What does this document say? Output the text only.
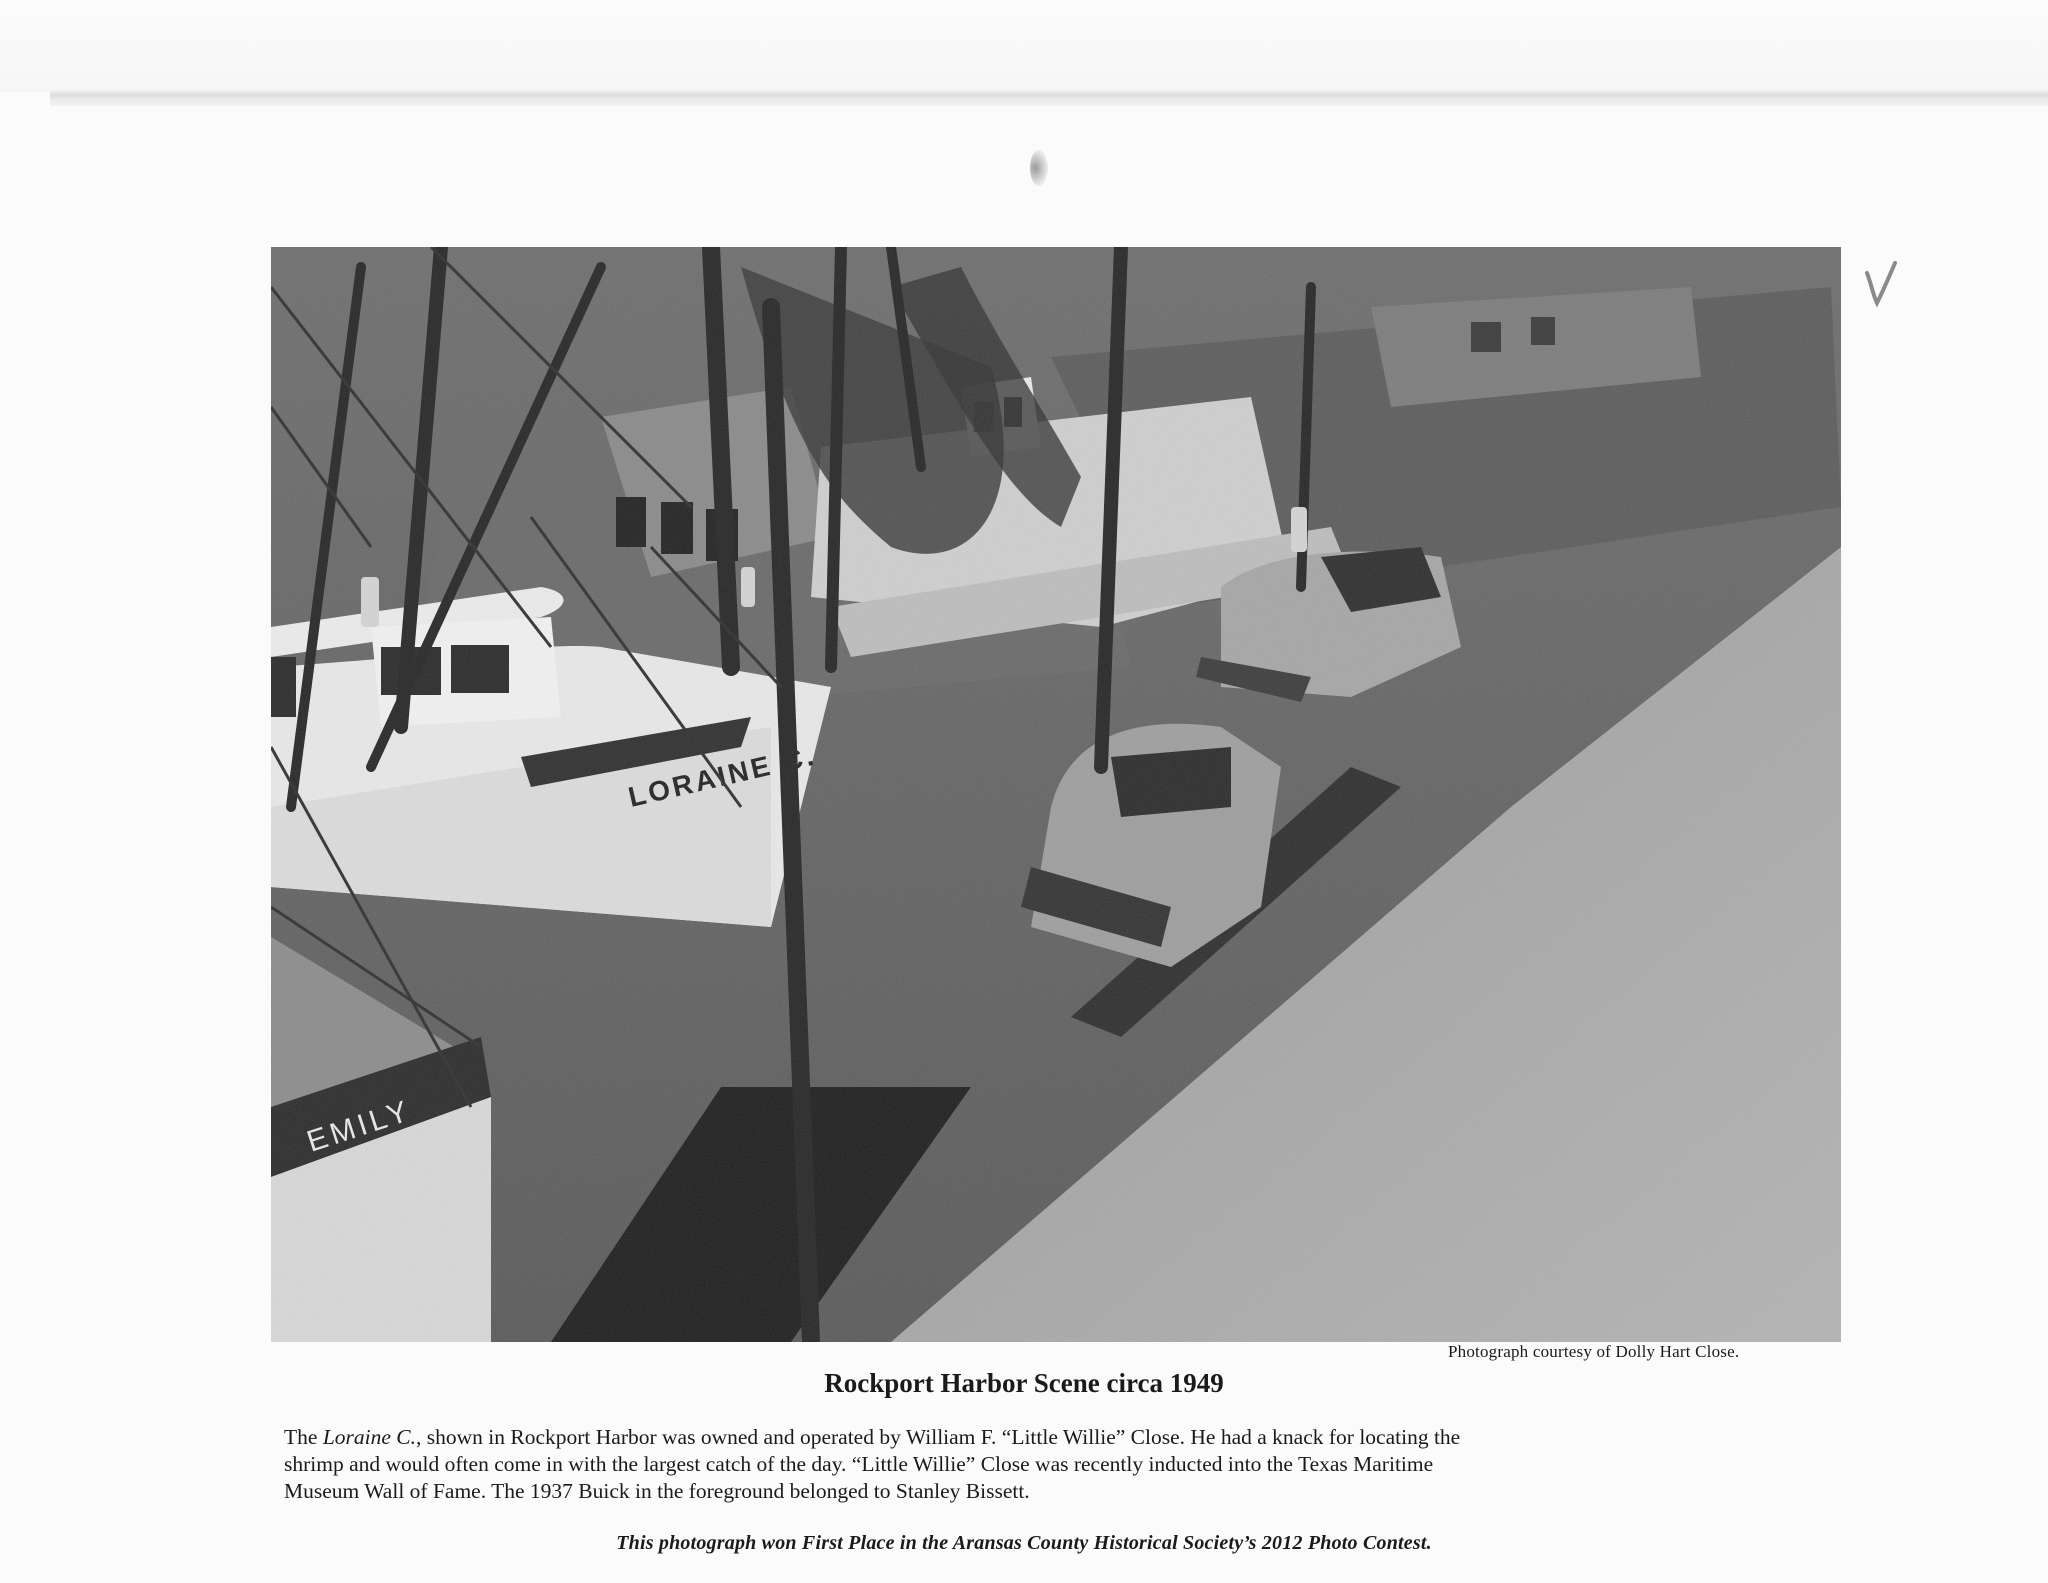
Photograph courtesy of Dolly Hart Close.
Rockport Harbor Scene circa 1949
The Loraine C., shown in Rockport Harbor was owned and operated by William F. “Little Willie” Close. He had a knack for locating the
shrimp and would often come in with the largest catch of the day. “Little Willie” Close was recently inducted into the Texas Maritime
Museum Wall of Fame. The 1937 Buick in the foreground belonged to Stanley Bissett.
This photograph won First Place in the Aransas County Historical Society’s 2012 Photo Contest.
